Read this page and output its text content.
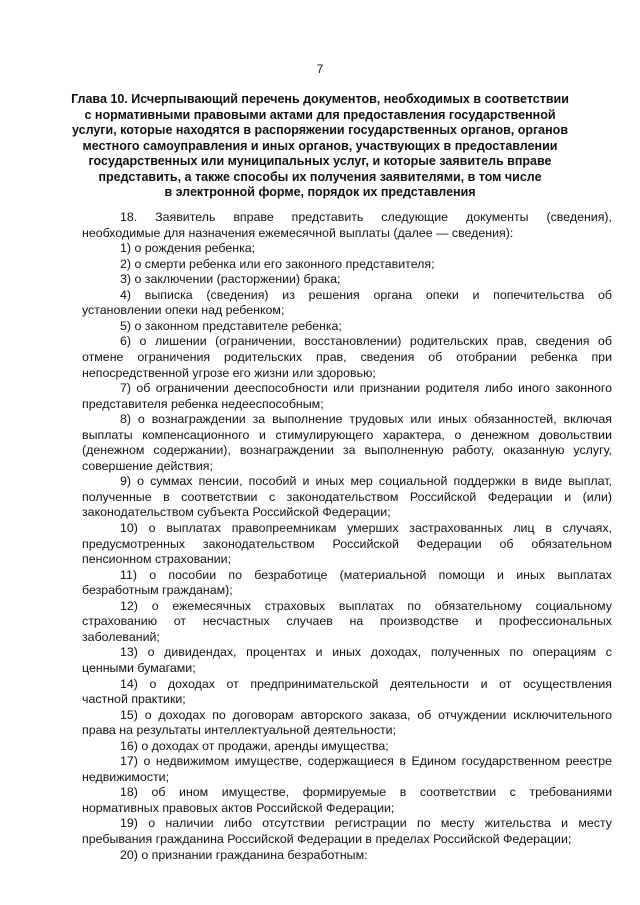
7
Глава 10. Исчерпывающий перечень документов, необходимых в соответствии
с нормативными правовыми актами для предоставления государственной
услуги, которые находятся в распоряжении государственных органов, органов
местного самоуправления и иных органов, участвующих в предоставлении
государственных или муниципальных услуг, и которые заявитель вправе
представить, а также способы их получения заявителями, в том числе
в электронной форме, порядок их представления
18. Заявитель вправе представить следующие документы (сведения),
необходимые для назначения ежемесячной выплаты (далее — сведения):
1) о рождения ребенка;
2) о смерти ребенка или его законного представителя;
3) о заключении (расторжении) брака;
4) выписка (сведения) из решения органа опеки и попечительства об
установлении опеки над ребенком;
5) о законном представителе ребенка;
6) о лишении (ограничении, восстановлении) родительских прав, сведения об
отмене ограничения родительских прав, сведения об отобрании ребенка при
непосредственной угрозе его жизни или здоровью;
7) об ограничении дееспособности или признании родителя либо иного законного
представителя ребенка недееспособным;
8) о вознаграждении за выполнение трудовых или иных обязанностей, включая
выплаты компенсационного и стимулирующего характера, о денежном довольствии
(денежном содержании), вознаграждении за выполненную работу, оказанную услугу,
совершение действия;
9) о суммах пенсии, пособий и иных мер социальной поддержки в виде выплат,
полученные в соответствии с законодательством Российской Федерации и (или)
законодательством субъекта Российской Федерации;
10) о выплатах правопреемникам умерших застрахованных лиц в случаях,
предусмотренных законодательством Российской Федерации об обязательном
пенсионном страховании;
11) о пособии по безработице (материальной помощи и иных выплатах
безработным гражданам);
12) о ежемесячных страховых выплатах по обязательному социальному
страхованию от несчастных случаев на производстве и профессиональных
заболеваний;
13) о дивидендах, процентах и иных доходах, полученных по операциям с
ценными бумагами;
14) о доходах от предпринимательской деятельности и от осуществления
частной практики;
15) о доходах по договорам авторского заказа, об отчуждении исключительного
права на результаты интеллектуальной деятельности;
16) о доходах от продажи, аренды имущества;
17) о недвижимом имуществе, содержащиеся в Едином государственном реестре
недвижимости;
18) об ином имуществе, формируемые в соответствии с требованиями
нормативных правовых актов Российской Федерации;
19) о наличии либо отсутствии регистрации по месту жительства и месту
пребывания гражданина Российской Федерации в пределах Российской Федерации;
20) о признании гражданина безработным:
